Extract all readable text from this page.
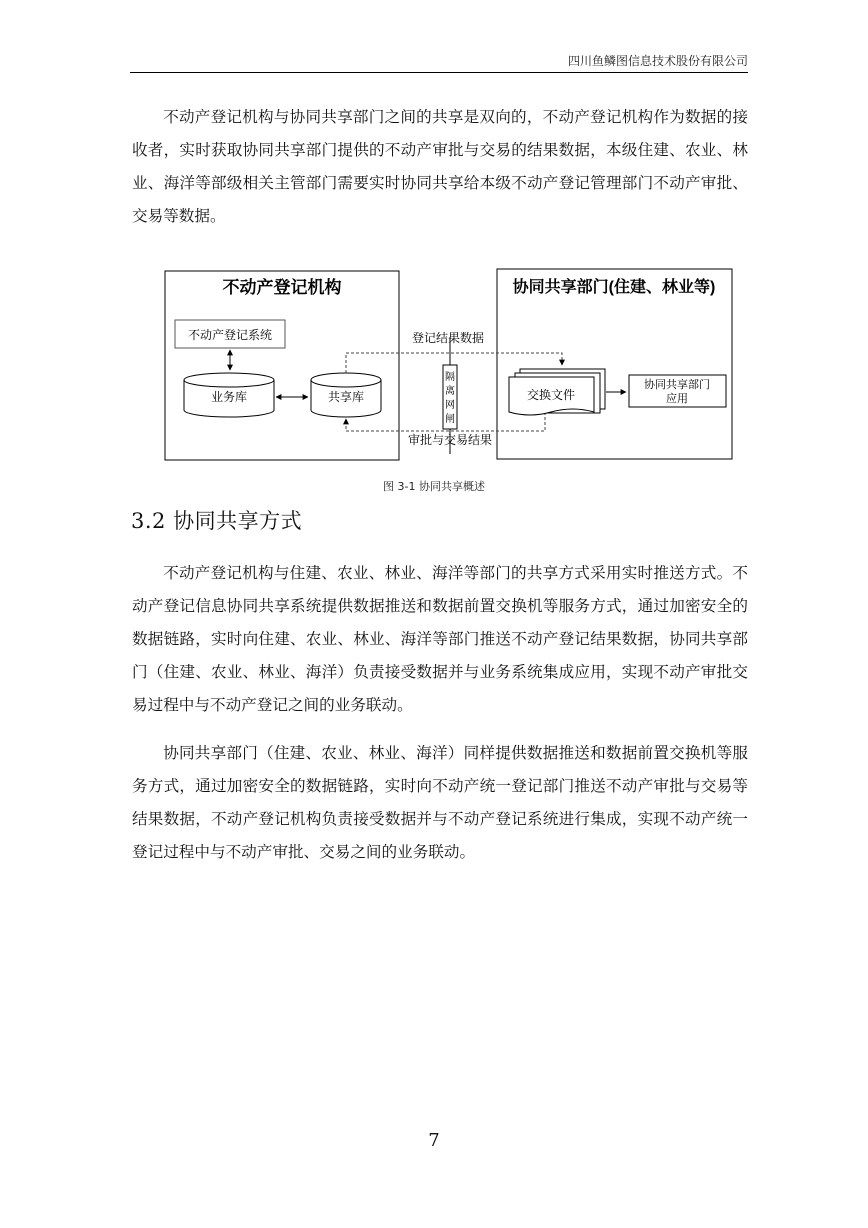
四川鱼鳞图信息技术股份有限公司

不动产登记机构与协同共享部门之间的共享是双向的，不动产登记机构作为数据的接收者，实时获取协同共享部门提供的不动产审批与交易的结果数据，本级住建、农业、林业、海洋等部级相关主管部门需要实时协同共享给本级不动产登记管理部门不动产审批、交易等数据。

不动产登记机构	协同共享部门(住建、林业等)
不动产登记系统
业务库	共享库
登记结果数据
审批与交易结果
隔
离
网
闸
交换文件
协同共享部门
应用
图 3-1 协同共享概述
3.2 协同共享方式

不动产登记机构与住建、农业、林业、海洋等部门的共享方式采用实时推送方式。不动产登记信息协同共享系统提供数据推送和数据前置交换机等服务方式，通过加密安全的数据链路，实时向住建、农业、林业、海洋等部门推送不动产登记结果数据，协同共享部门（住建、农业、林业、海洋）负责接受数据并与业务系统集成应用，实现不动产审批交易过程中与不动产登记之间的业务联动。

协同共享部门（住建、农业、林业、海洋）同样提供数据推送和数据前置交换机等服务方式，通过加密安全的数据链路，实时向不动产统一登记部门推送不动产审批与交易等结果数据，不动产登记机构负责接受数据并与不动产登记系统进行集成，实现不动产统一登记过程中与不动产审批、交易之间的业务联动。

7
